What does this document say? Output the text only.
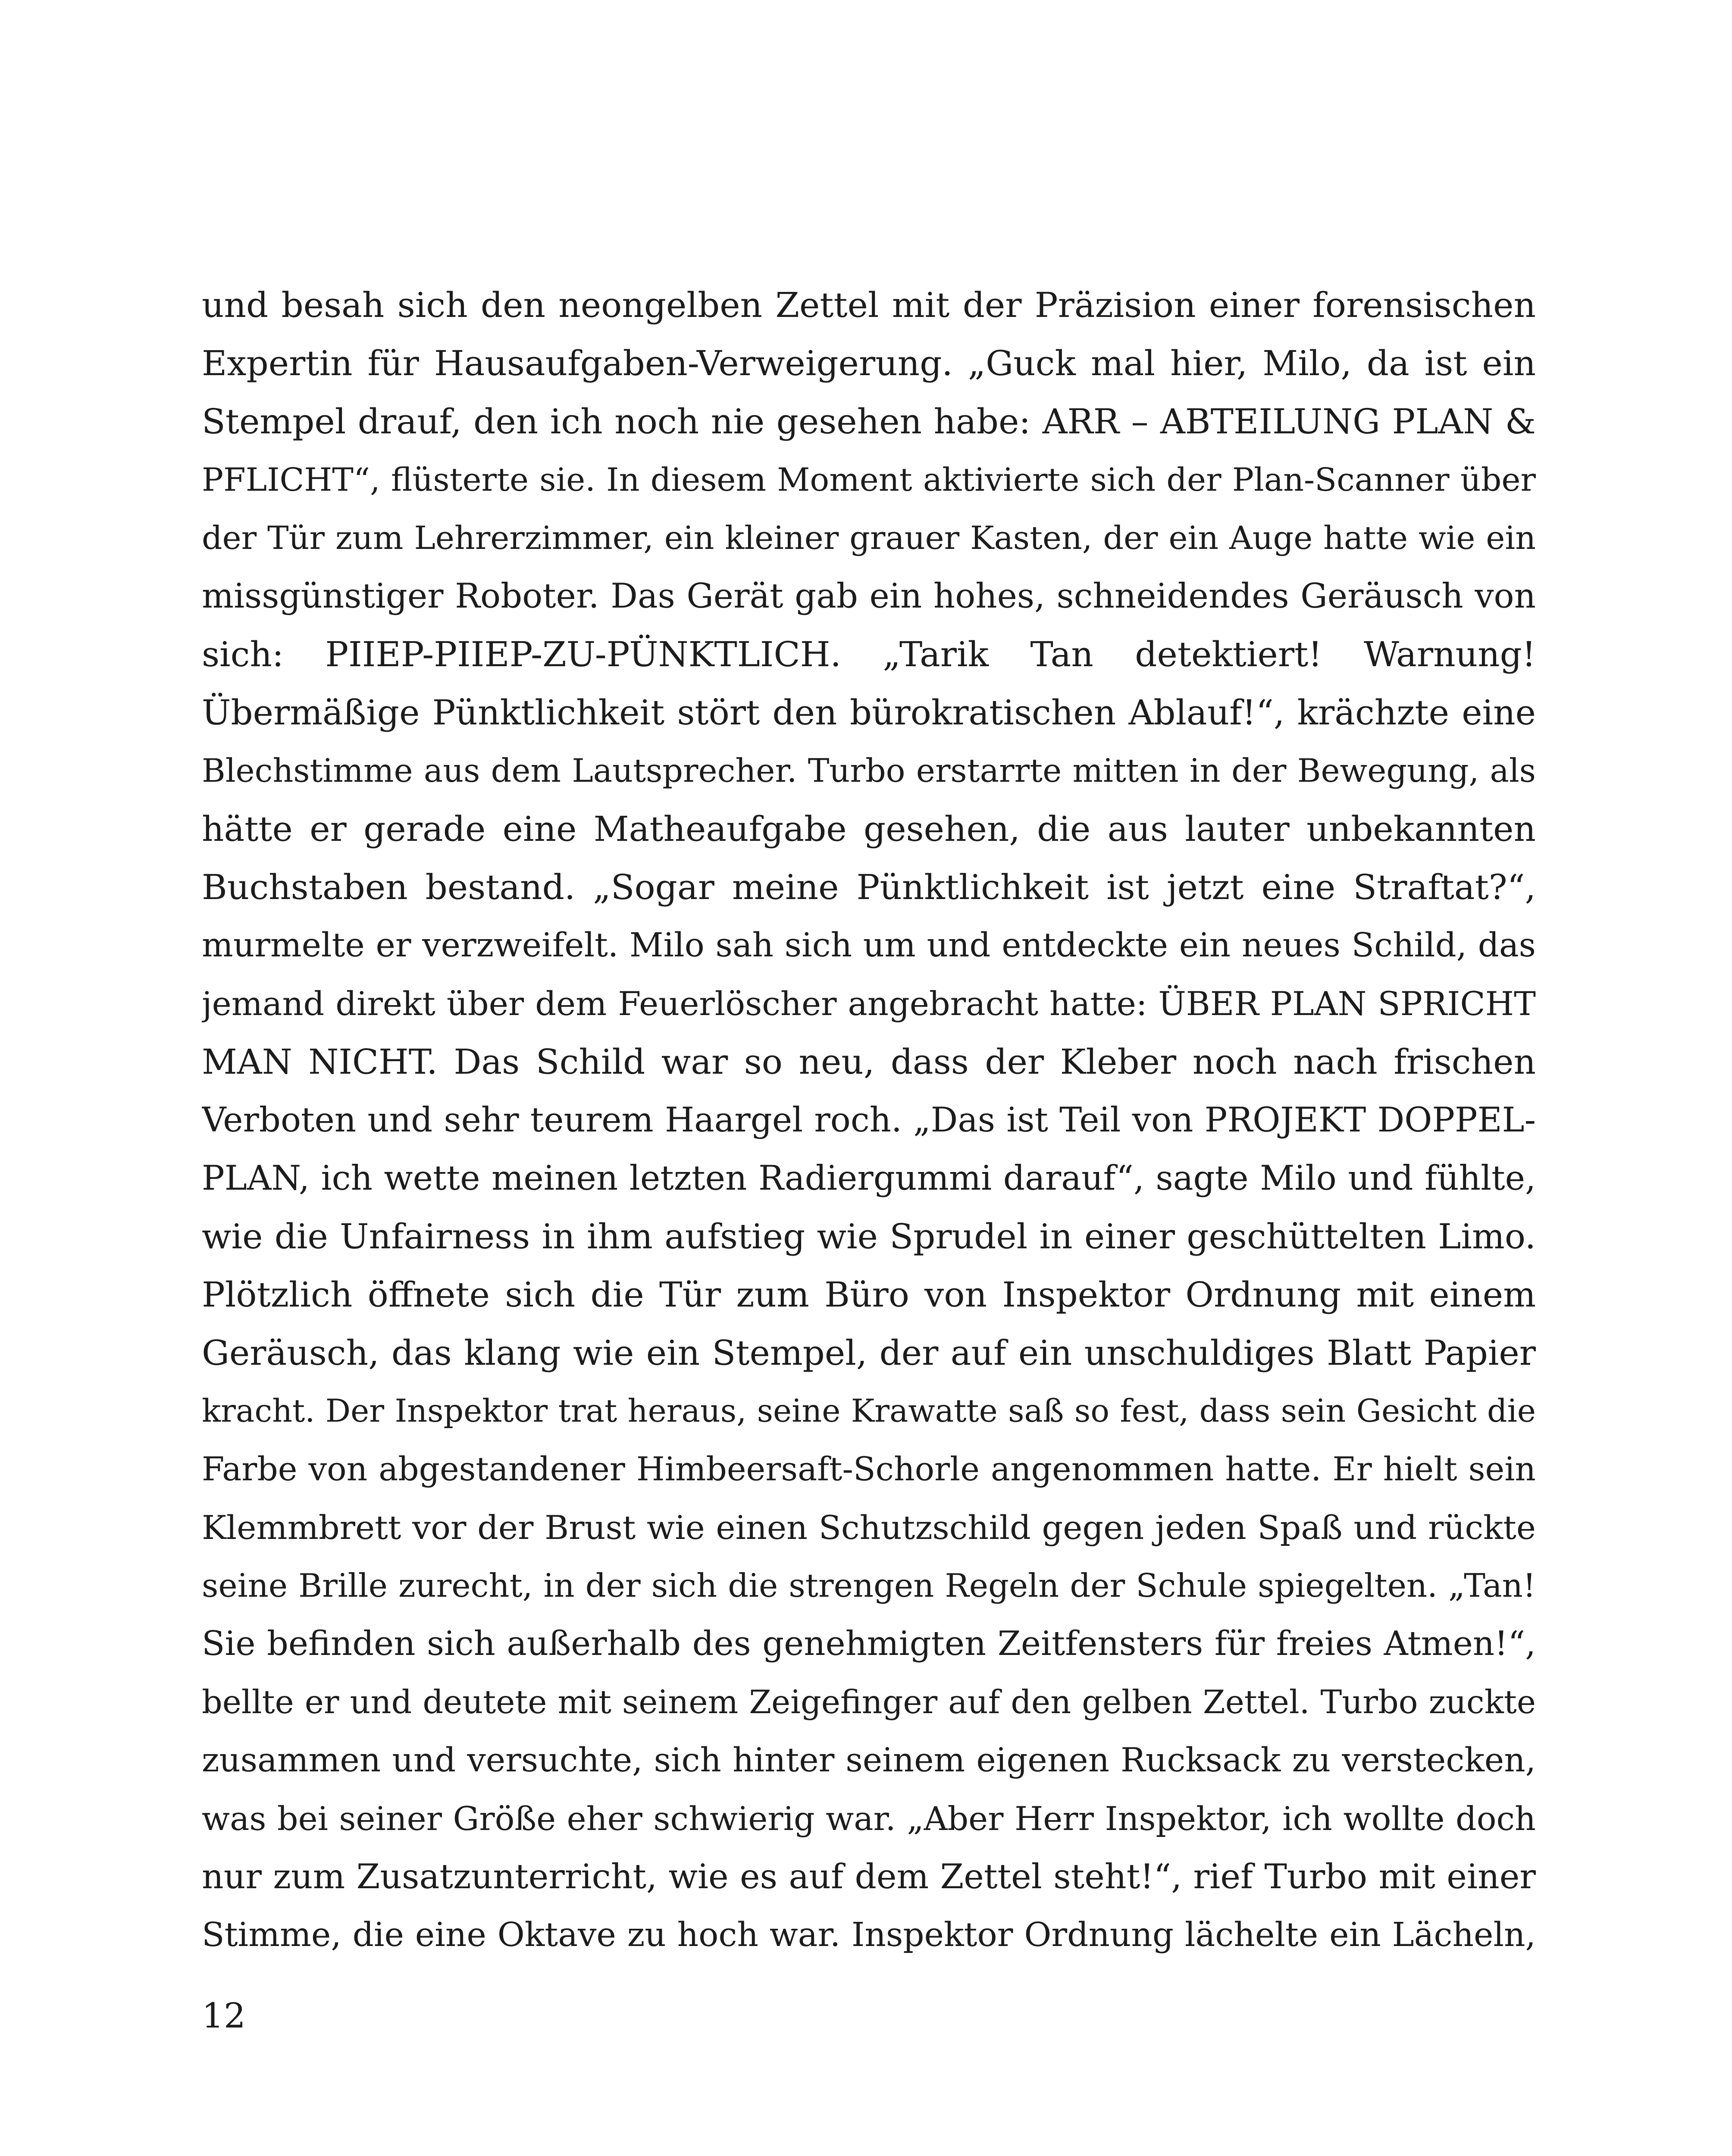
und besah sich den neongelben Zettel mit der Präzision einer forensischen
Expertin für Hausaufgaben-Verweigerung. „Guck mal hier, Milo, da ist ein
Stempel drauf, den ich noch nie gesehen habe: ARR – ABTEILUNG PLAN &
PFLICHT“, flüsterte sie. In diesem Moment aktivierte sich der Plan-Scanner über
der Tür zum Lehrerzimmer, ein kleiner grauer Kasten, der ein Auge hatte wie ein
missgünstiger Roboter. Das Gerät gab ein hohes, schneidendes Geräusch von
sich: PIIEP-PIIEP-ZU-PÜNKTLICH. „Tarik Tan detektiert! Warnung!
Übermäßige Pünktlichkeit stört den bürokratischen Ablauf!“, krächzte eine
Blechstimme aus dem Lautsprecher. Turbo erstarrte mitten in der Bewegung, als
hätte er gerade eine Matheaufgabe gesehen, die aus lauter unbekannten
Buchstaben bestand. „Sogar meine Pünktlichkeit ist jetzt eine Straftat?“,
murmelte er verzweifelt. Milo sah sich um und entdeckte ein neues Schild, das
jemand direkt über dem Feuerlöscher angebracht hatte: ÜBER PLAN SPRICHT
MAN NICHT. Das Schild war so neu, dass der Kleber noch nach frischen
Verboten und sehr teurem Haargel roch. „Das ist Teil von PROJEKT DOPPEL-
PLAN, ich wette meinen letzten Radiergummi darauf“, sagte Milo und fühlte,
wie die Unfairness in ihm aufstieg wie Sprudel in einer geschüttelten Limo.
Plötzlich öffnete sich die Tür zum Büro von Inspektor Ordnung mit einem
Geräusch, das klang wie ein Stempel, der auf ein unschuldiges Blatt Papier
kracht. Der Inspektor trat heraus, seine Krawatte saß so fest, dass sein Gesicht die
Farbe von abgestandener Himbeersaft-Schorle angenommen hatte. Er hielt sein
Klemmbrett vor der Brust wie einen Schutzschild gegen jeden Spaß und rückte
seine Brille zurecht, in der sich die strengen Regeln der Schule spiegelten. „Tan!
Sie befinden sich außerhalb des genehmigten Zeitfensters für freies Atmen!“,
bellte er und deutete mit seinem Zeigefinger auf den gelben Zettel. Turbo zuckte
zusammen und versuchte, sich hinter seinem eigenen Rucksack zu verstecken,
was bei seiner Größe eher schwierig war. „Aber Herr Inspektor, ich wollte doch
nur zum Zusatzunterricht, wie es auf dem Zettel steht!“, rief Turbo mit einer
Stimme, die eine Oktave zu hoch war. Inspektor Ordnung lächelte ein Lächeln,
12
